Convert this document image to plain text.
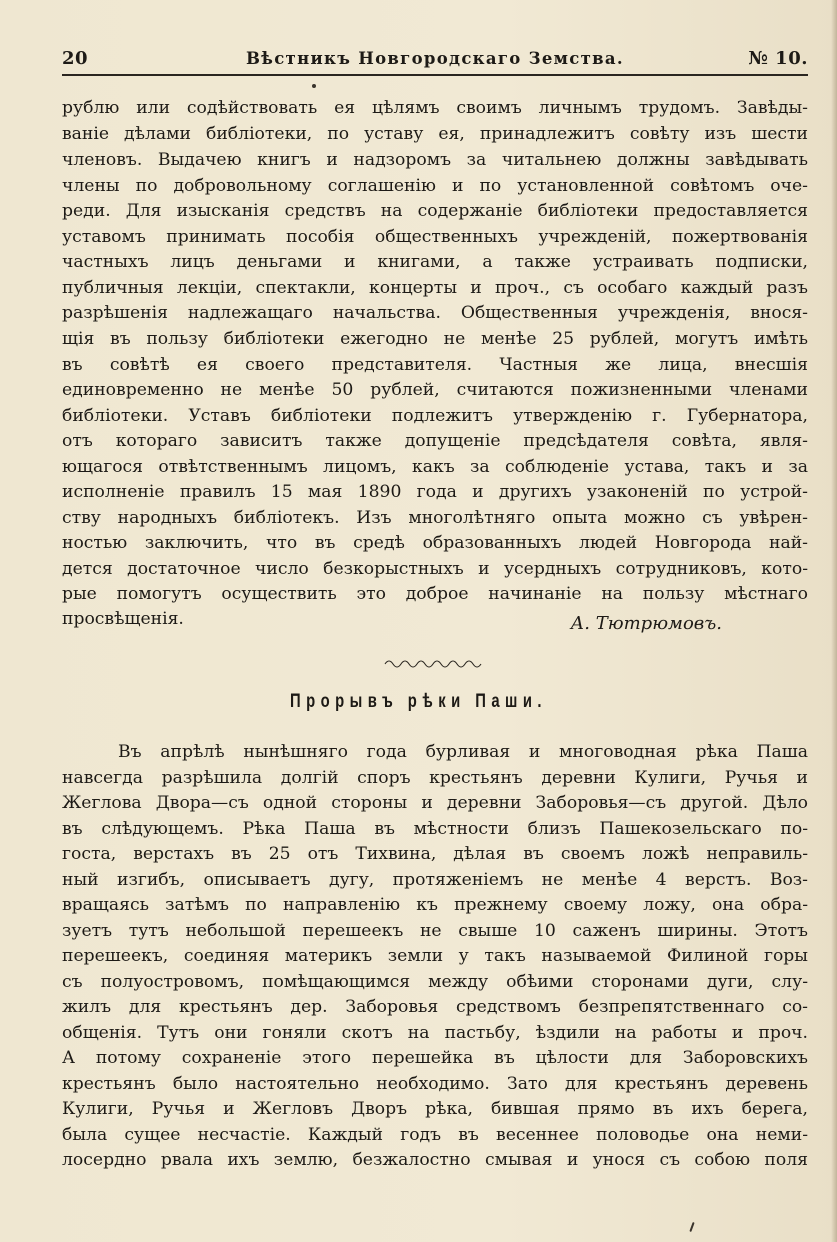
20	Вѣстникъ Новгородскаго Земства.	№ 10.
рублю или содѣйствовать ея цѣлямъ своимъ личнымъ трудомъ. Завѣды-
ваніе дѣлами библіотеки, по уставу ея, принадлежитъ совѣту изъ шести
членовъ. Выдачею книгъ и надзоромъ за читальнею должны завѣдывать
члены по добровольному соглашенію и по установленной совѣтомъ оче-
реди. Для изысканія средствъ на содержаніе библіотеки предоставляется
уставомъ принимать пособія общественныхъ учрежденій, пожертвованія
частныхъ лицъ деньгами и книгами, а также устраивать подписки,
публичныя лекціи, спектакли, концерты и проч., съ особаго каждый разъ
разрѣшенія надлежащаго начальства. Общественныя учрежденія, внося-
щія въ пользу библіотеки ежегодно не менѣе 25 рублей, могутъ имѣть
въ совѣтѣ ея своего представителя. Частныя же лица, внесшія
единовременно не менѣе 50 рублей, считаются пожизненными членами
библіотеки. Уставъ библіотеки подлежитъ утвержденію г. Губернатора,
отъ котораго зависитъ также допущеніе предсѣдателя совѣта, явля-
ющагося отвѣтственнымъ лицомъ, какъ за соблюденіе устава, такъ и за
исполненіе правилъ 15 мая 1890 года и другихъ узаконеній по устрой-
ству народныхъ библіотекъ. Изъ многолѣтняго опыта можно съ увѣрен-
ностью заключить, что въ средѣ образованныхъ людей Новгорода най-
дется достаточное число безкорыстныхъ и усердныхъ сотрудниковъ, кото-
рые помогутъ осуществить это доброе начинаніе на пользу мѣстнаго
просвѣщенія.	А. Тютрюмовъ.
Прорывъ рѣки Паши.
Въ апрѣлѣ нынѣшняго года бурливая и многоводная рѣка Паша
навсегда разрѣшила долгій споръ крестьянъ деревни Кулиги, Ручья и
Жеглова Двора—съ одной стороны и деревни Заборовья—съ другой. Дѣло
въ слѣдующемъ. Рѣка Паша въ мѣстности близъ Пашекозельскаго по-
госта, верстахъ въ 25 отъ Тихвина, дѣлая въ своемъ ложѣ неправиль-
ный изгибъ, описываетъ дугу, протяженіемъ не менѣе 4 верстъ. Воз-
вращаясь затѣмъ по направленію къ прежнему своему ложу, она обра-
зуетъ тутъ небольшой перешеекъ не свыше 10 саженъ ширины. Этотъ
перешеекъ, соединяя материкъ земли у такъ называемой Филиной горы
съ полуостровомъ, помѣщающимся между обѣими сторонами дуги, слу-
жилъ для крестьянъ дер. Заборовья средствомъ безпрепятственнаго со-
общенія. Тутъ они гоняли скотъ на пастьбу, ѣздили на работы и проч.
А потому сохраненіе этого перешейка въ цѣлости для Заборовскихъ
крестьянъ было настоятельно необходимо. Зато для крестьянъ деревень
Кулиги, Ручья и Жегловъ Дворъ рѣка, бившая прямо въ ихъ берега,
была сущее несчастіе. Каждый годъ въ весеннее половодье она неми-
лосердно рвала ихъ землю, безжалостно смывая и унося съ собою поля
